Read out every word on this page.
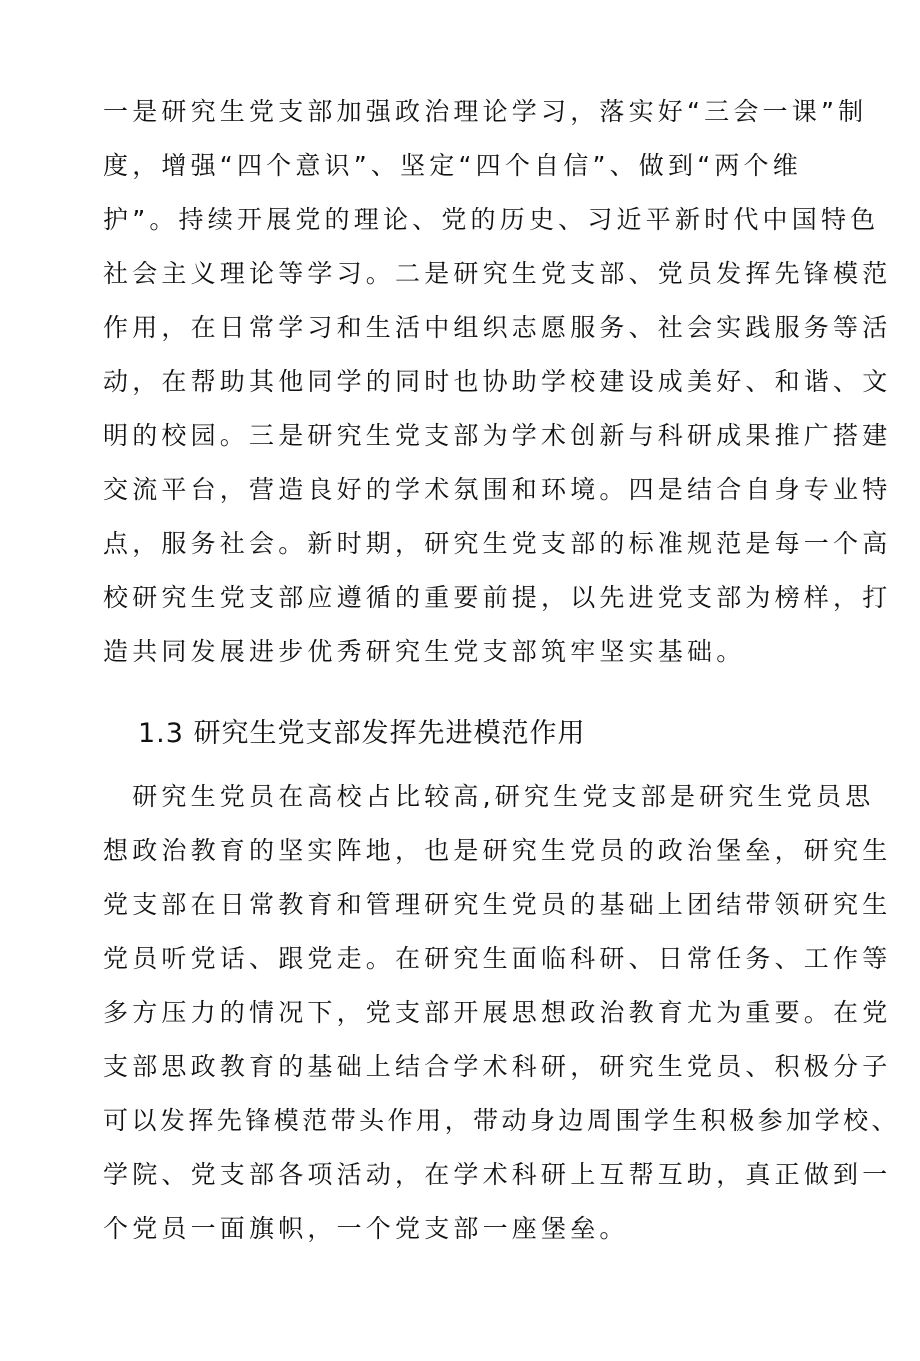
一是研究生党支部加强政治理论学习，落实好“三会一课”制
度，增强“四个意识”、坚定“四个自信”、做到“两个维
护”。持续开展党的理论、党的历史、习近平新时代中国特色
社会主义理论等学习。二是研究生党支部、党员发挥先锋模范
作用，在日常学习和生活中组织志愿服务、社会实践服务等活
动，在帮助其他同学的同时也协助学校建设成美好、和谐、文
明的校园。三是研究生党支部为学术创新与科研成果推广搭建
交流平台，营造良好的学术氛围和环境。四是结合自身专业特
点，服务社会。新时期，研究生党支部的标准规范是每一个高
校研究生党支部应遵循的重要前提，以先进党支部为榜样，打
造共同发展进步优秀研究生党支部筑牢坚实基础。
1.3 研究生党支部发挥先进模范作用
　研究生党员在高校占比较高,研究生党支部是研究生党员思
想政治教育的坚实阵地，也是研究生党员的政治堡垒，研究生
党支部在日常教育和管理研究生党员的基础上团结带领研究生
党员听党话、跟党走。在研究生面临科研、日常任务、工作等
多方压力的情况下，党支部开展思想政治教育尤为重要。在党
支部思政教育的基础上结合学术科研，研究生党员、积极分子
可以发挥先锋模范带头作用，带动身边周围学生积极参加学校、
学院、党支部各项活动，在学术科研上互帮互助，真正做到一
个党员一面旗帜，一个党支部一座堡垒。
